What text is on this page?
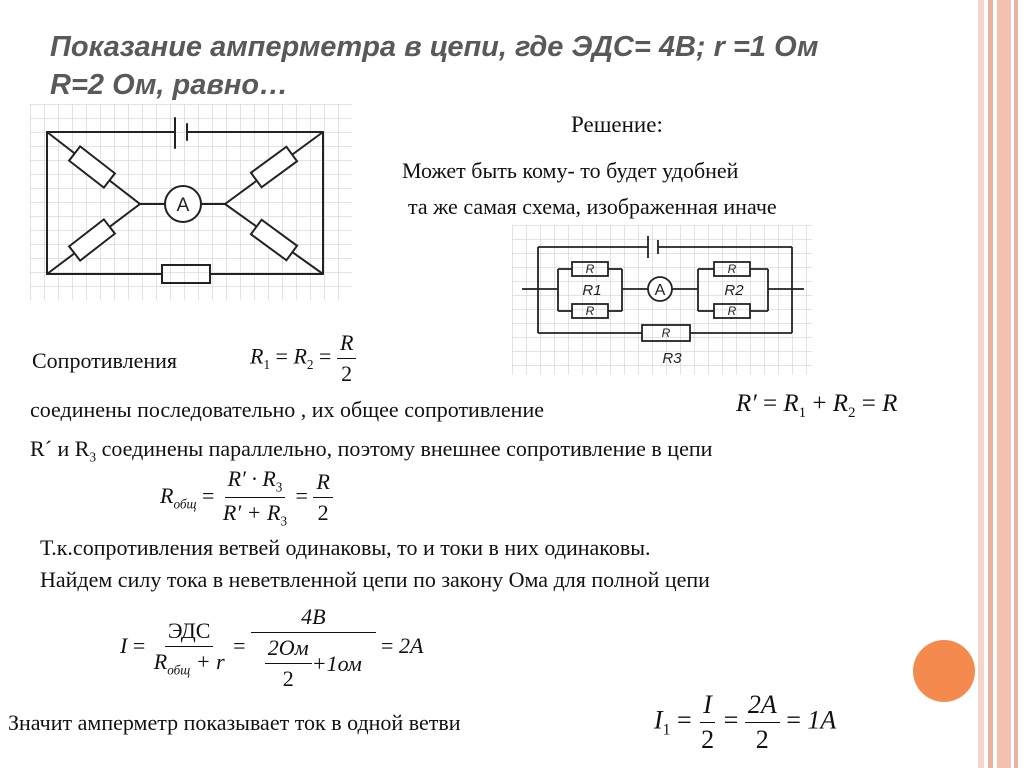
Показание амперметра в цепи, где ЭДС= 4В; r =1 Ом
R=2 Ом, равно…
A

Решение:

Может быть кому- то будет удобней

та же самая схема, изображенная иначе

R
R
R
R
R
R1	R2
R3
A

Сопротивления	$R_1 = R_2 = \frac{R}{2}$

соединены последовательно , их общее сопротивление	$R' = R_1 + R_2 = R$

R´ и $R_3$ соединены параллельно, поэтому внешнее сопротивление в цепи

$R_{общ} = \frac{R' \cdot R_3}{R' + R_3} = \frac{R}{2}$

Т.к.сопротивления ветвей одинаковы, то и токи в них одинаковы.

Найдем силу тока в неветвленной цепи по закону Ома для полной цепи

$I = \frac{\text{ЭДС}}{R_{общ} + r} = \frac{4B}{\frac{2Ом}{2} +1ом} = 2A$

Значит амперметр показывает ток в одной ветви	$I_1 = \frac{I}{2} = \frac{2A}{2} = 1A$
